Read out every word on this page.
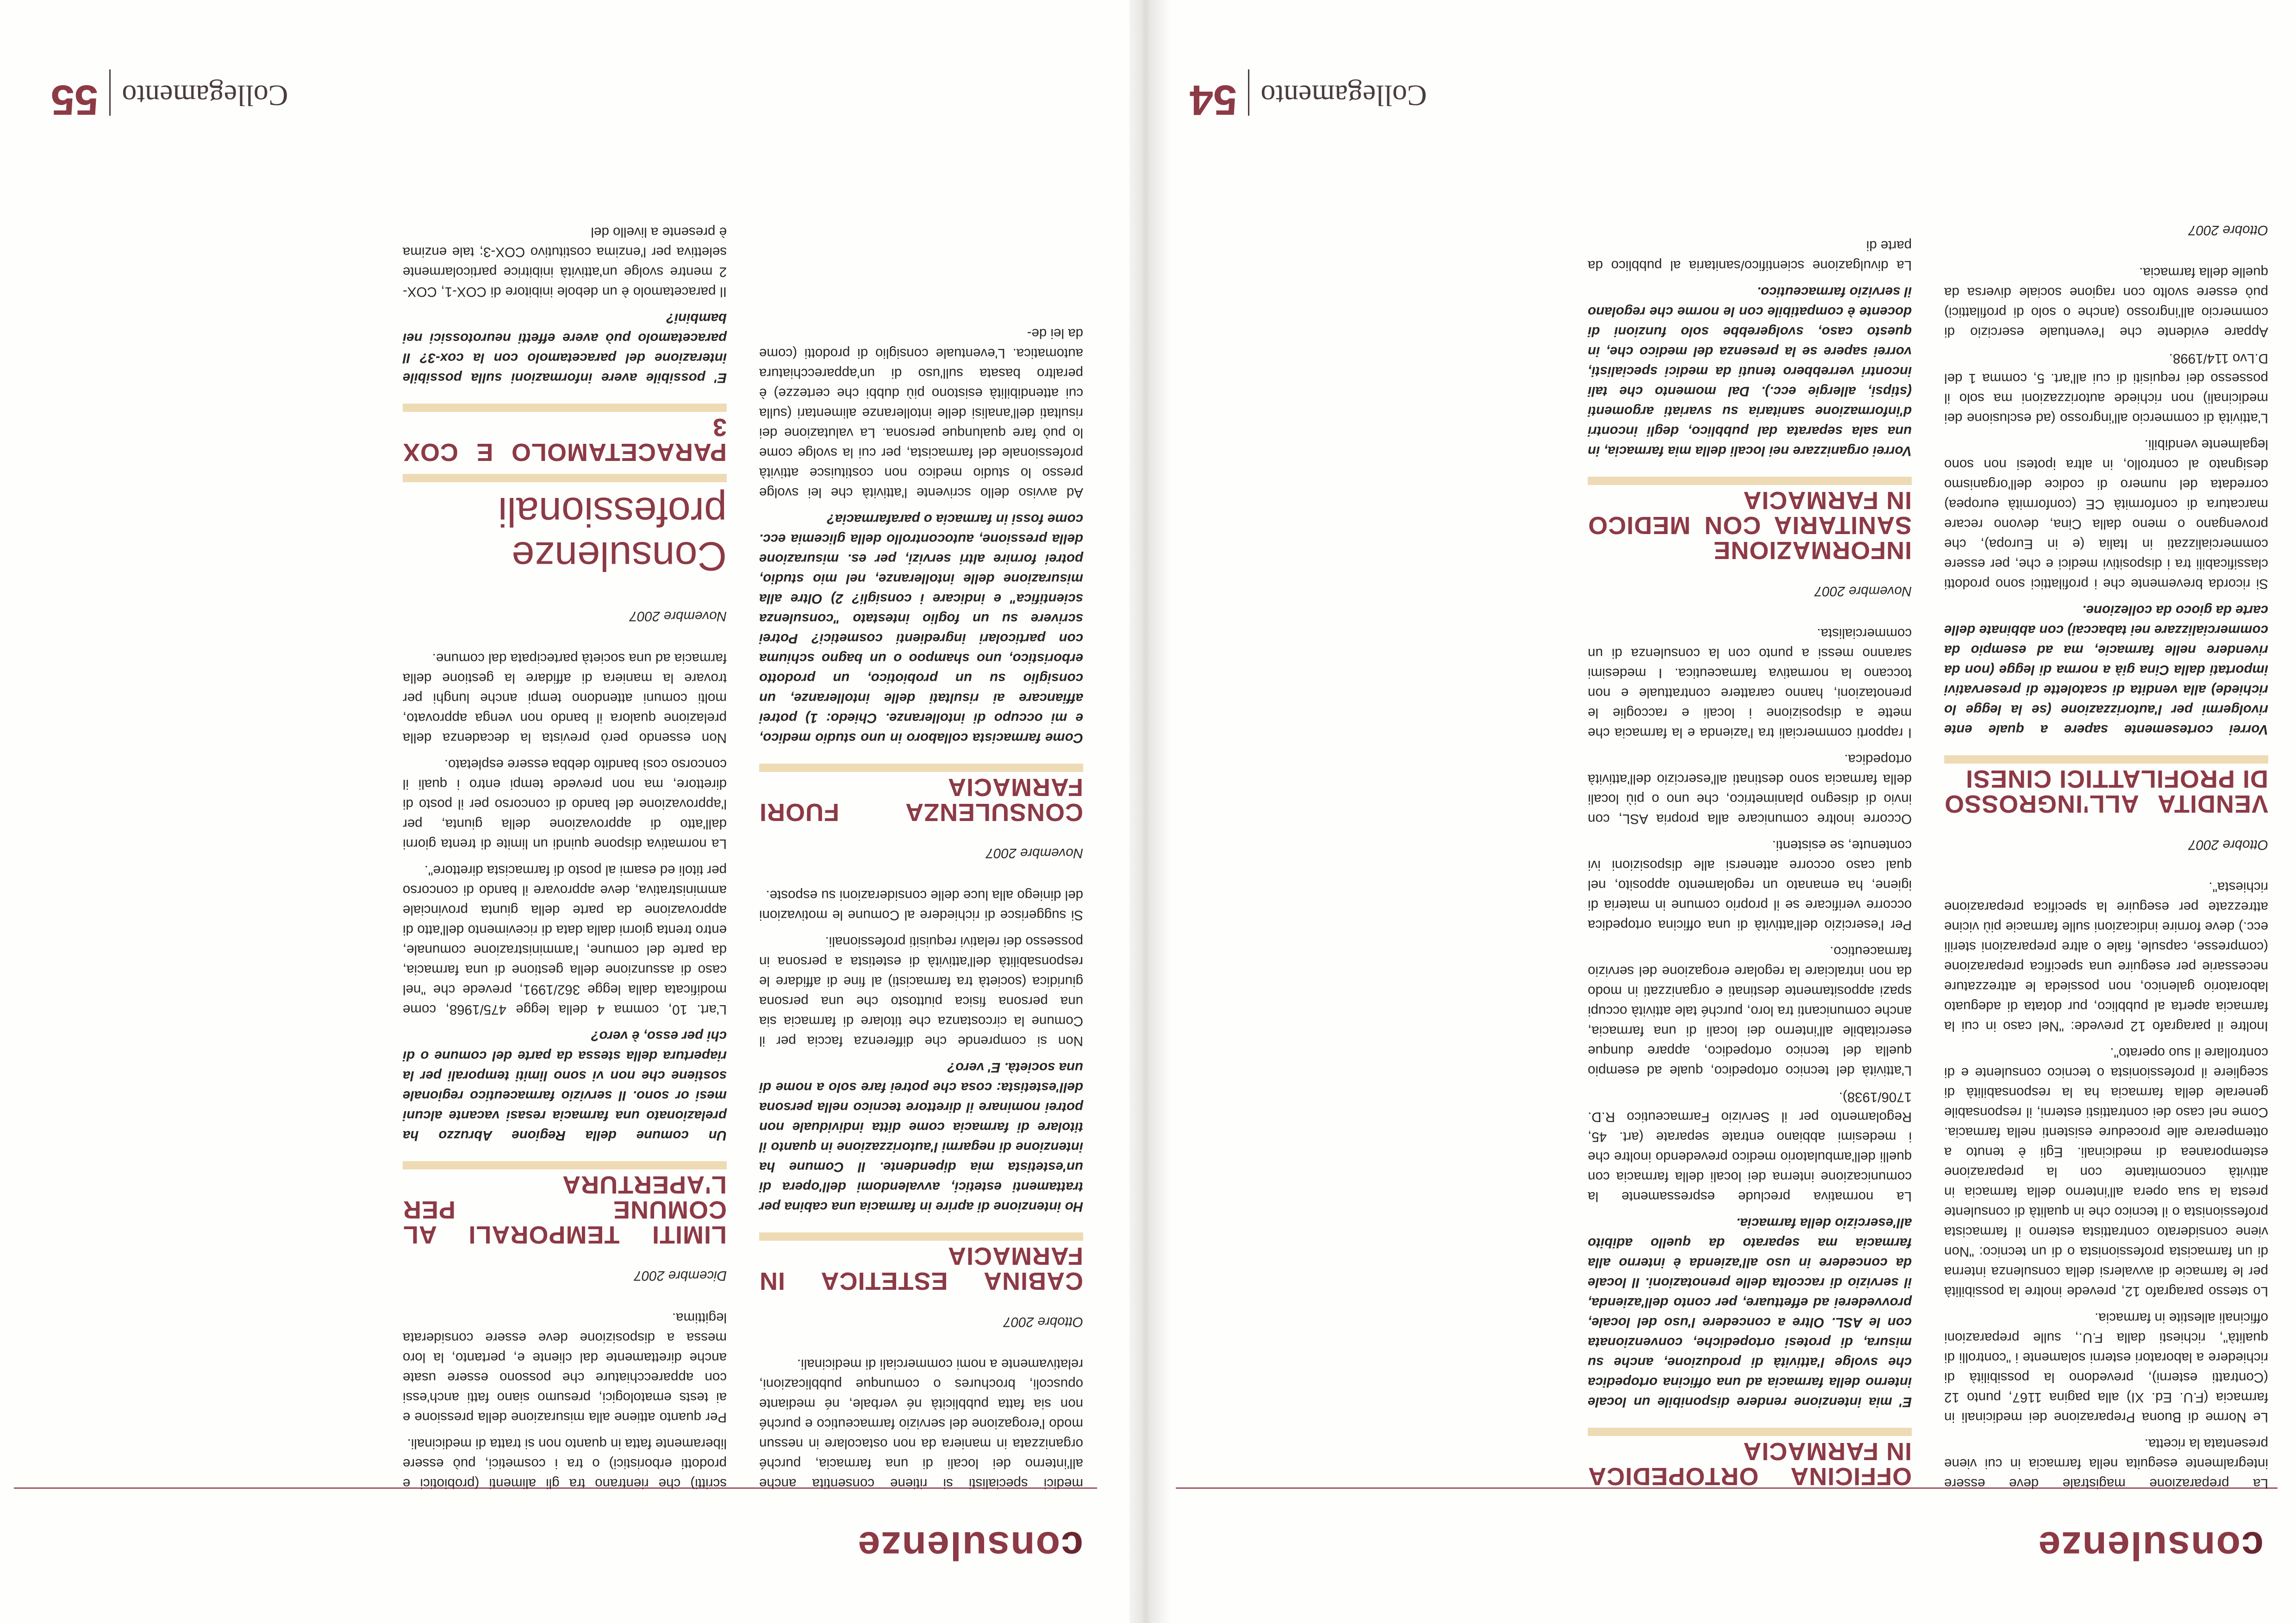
consulenze

La preparazione magistrale deve essere integralmente eseguita nella farmacia in cui viene presentata la ricetta.

Le Norme di Buona Preparazione dei medicinali in farmacia (F.U. Ed. XI) alla pagina 1167, punto 12 (Contratti esterni), prevedono la possibilità di richiedere a laboratori esterni solamente i "controlli di qualità", richiesti dalla F.U., sulle preparazioni officinali allestite in farmacia.

Lo stesso paragrafo 12, prevede inoltre la possibilità per le farmacie di avvalersi della consulenza interna di un farmacista professionista o di un tecnico: "Non viene considerato contrattista esterno il farmacista professionista o il tecnico che in qualità di consulente presta la sua opera all'interno della farmacia in attività concomitante con la preparazione estemporanea di medicinali. Egli è tenuto a ottemperare alle procedure esistenti nella farmacia. Come nel caso dei contrattisti esterni, il responsabile generale della farmacia ha la responsabilità di scegliere il professionista o tecnico consulente e di controllare il suo operato".

Inoltre il paragrafo 12 prevede: "Nel caso in cui la farmacia aperta al pubblico, pur dotata di adeguato laboratorio galenico, non possieda le attrezzature necessarie per eseguire una specifica preparazione (compresse, capsule, fiale o altre preparazioni sterili ecc.) deve fornire indicazioni sulle farmacie più vicine attrezzate per eseguire la specifica preparazione richiesta".

Ottobre 2007

VENDITA ALL'INGROSSO DI PROFILATTICI CINESI

Vorrei cortesemente sapere a quale ente rivolgermi per l'autorizzazione (se la legge lo richiede) alla vendita di scatolette di preservativi importati dalla Cina già a norma di legge (non da rivendere nelle farmacie, ma ad esempio da commercializzare nei tabaccai) con abbinate delle carte da gioco da collezione.

Si ricorda brevemente che i profilattici sono prodotti classificabili tra i dispositivi medici e che, per essere commercializzati in Italia (e in Europa), che provengano o meno dalla Cina, devono recare marcatura di conformità CE (conformità europea) corredata del numero di codice dell'organismo designato al controllo, in altra ipotesi non sono legalmente vendibili.

L'attività di commercio all'ingrosso (ad esclusione dei medicinali) non richiede autorizzazioni ma solo il possesso dei requisiti di cui all'art. 5, comma 1 del D.Lvo 114/1998.

Appare evidente che l'eventuale esercizio di commercio all'ingrosso (anche o solo di profilattici) può essere svolto con ragione sociale diversa da quelle della farmacia.

Ottobre 2007

OFFICINA ORTOPEDICA IN FARMACIA

E' mia intenzione rendere disponibile un locale interno della farmacia ad una officina ortopedica che svolge l'attività di produzione, anche su misura, di protesi ortopediche, convenzionata con le ASL. Oltre a concedere l'uso del locale, provvederei ad effettuare, per conto dell'azienda, il servizio di raccolta delle prenotazioni. Il locale da concedere in uso all'azienda è interno alla farmacia ma separato da quello adibito all'esercizio della farmacia.

La normativa preclude espressamente la comunicazione interna dei locali della farmacia con quelli dell'ambulatorio medico prevedendo inoltre che i medesimi abbiano entrate separate (art. 45, Regolamento per il Servizio Farmaceutico R.D. 1706/1938).

L'attività del tecnico ortopedico, quale ad esempio quella del tecnico ortopedico, appare dunque esercitabile all'interno dei locali di una farmacia, anche comunicanti tra loro, purché tale attività occupi spazi appositamente destinati e organizzati in modo da non intralciare la regolare erogazione del servizio farmaceutico.

Per l'esercizio dell'attività di una officina ortopedica occorre verificare se il proprio comune in materia di igiene, ha emanato un regolamento apposito, nel qual caso occorre attenersi alle disposizioni ivi contenute, se esistenti.

Occorre inoltre comunicare alla propria ASL, con invio di disegno planimetrico, che uno o più locali della farmacia sono destinati all'esercizio dell'attività ortopedica.

I rapporti commerciali tra l'azienda e la farmacia che mette a disposizione i locali e raccoglie le prenotazioni, hanno carattere contrattuale e non toccano la normativa farmaceutica. I medesimi saranno messi a punto con la consulenza di un commercialista.

Novembre 2007

INFORMAZIONE SANITARIA CON MEDICO IN FARMACIA

Vorrei organizzare nei locali della mia farmacia, in una sala separata dal pubblico, degli incontri d'informazione sanitaria su svariati argomenti (stipsi, allergie ecc.). Dal momento che tali incontri verrebbero tenuti da medici specialisti, vorrei sapere se la presenza del medico che, in questo caso, svolgerebbe solo funzioni di docente è compatibile con le norme che regolano il servizio farmaceutico.

La divulgazione scientifico/sanitaria al pubblico da parte di

Collegamento54
consulenze

medici specialisti si ritiene consentita anche all'interno dei locali di una farmacia, purché organizzata in maniera da non ostacolare in nessun modo l'erogazione del servizio farmaceutico e purché non sia fatta pubblicità né verbale, né mediante opuscoli, brochures o comunque pubblicazioni, relativamente a nomi commerciali di medicinali.

Ottobre 2007

CABINA ESTETICA IN FARMACIA

Ho intenzione di aprire in farmacia una cabina per trattamenti estetici, avvalendomi dell'opera di un'estetista mia dipendente. Il Comune ha intenzione di negarmi l'autorizzazione in quanto il titolare di farmacia come ditta individuale non potrei nominare il direttore tecnico nella persona dell'estetista: cosa che potrei fare solo a nome di una società. E' vero?

Non si comprende che differenza faccia per il Comune la circostanza che titolare di farmacia sia una persona fisica piuttosto che una persona giuridica (società tra farmacisti) al fine di affidare le responsabilità dell'attività di estetista a persona in possesso dei relativi requisiti professionali.

Si suggerisce di richiedere al Comune le motivazioni del diniego alla luce delle considerazioni su esposte.

Novembre 2007

CONSULENZA FUORI FARMACIA

Come farmacista collaboro in uno studio medico, e mi occupo di intolleranze. Chiedo: 1) potrei affiancare ai risultati delle intolleranze, un consiglio su un probiotico, un prodotto erboristico, uno shampoo o un bagno schiuma con particolari ingredienti cosmetici? Potrei scrivere su un foglio intestato "consulenza scientifica" e indicare i consigli? 2) Oltre alla misurazione delle intolleranze, nel mio studio, potrei fornire altri servizi, per es. misurazione della pressione, autocontrollo della glicemia ecc. come fossi in farmacia o parafarmacia?

Ad avviso dello scrivente l'attività che lei svolge presso lo studio medico non costituisce attività professionale del farmacista, per cui la svolge come lo può fare qualunque persona. La valutazione dei risultati dell'analisi delle intolleranze alimentari (sulla cui attendibilità esistono più dubbi che certezze) è peraltro basata sull'uso di un'apparecchiatura automatica. L'eventuale consiglio di prodotti (come da lei de-

scritti) che rientrano tra gli alimenti (probiotici e prodotti erboristici) o tra i cosmetici, può essere liberamente fatta in quanto non si tratta di medicinali.

Per quanto attiene alla misurazione della pressione e ai tests ematologici, presumo siano fatti anch'essi con apparecchiature che possono essere usate anche direttamente dal cliente e, pertanto, la loro messa a disposizione deve essere considerata legittima.

Dicembre 2007

LIMITI TEMPORALI AL COMUNE PER L'APERTURA

Un comune della Regione Abruzzo ha prelazionato una farmacia resasi vacante alcuni mesi or sono. Il servizio farmaceutico regionale sostiene che non vi sono limiti temporali per la riapertura della stessa da parte del comune o di chi per esso, è vero?

L'art. 10, comma 4 della legge 475/1968, come modificata dalla legge 362/1991, prevede che "nel caso di assunzione della gestione di una farmacia, da parte del comune, l'amministrazione comunale, entro trenta giorni dalla data di ricevimento dell'atto di approvazione da parte della giunta provinciale amministrativa, deve approvare il bando di concorso per titoli ed esami al posto di farmacista direttore".

La normativa dispone quindi un limite di trenta giorni dall'atto di approvazione della giunta, per l'approvazione del bando di concorso per il posto di direttore, ma non prevede tempi entro i quali il concorso così bandito debba essere espletato.

Non essendo però prevista la decadenza della prelazione qualora il bando non venga approvato, molti comuni attendono tempi anche lunghi per trovare la maniera di affidare la gestione della farmacia ad una società partecipata dal comune.

Novembre 2007

Consulenze professionali
PARACETAMOLO E COX 3

E' possibile avere informazioni sulla possibile interazione del paracetamolo con la cox-3? Il paracetamolo può avere effetti neurotossici nei bambini?

Il paracetamolo è un debole inibitore di COX-1, COX-2 mentre svolge un'attività inibitrice particolarmente selettiva per l'enzima costitutivo COX-3; tale enzima è presente a livello del

Collegamento55
